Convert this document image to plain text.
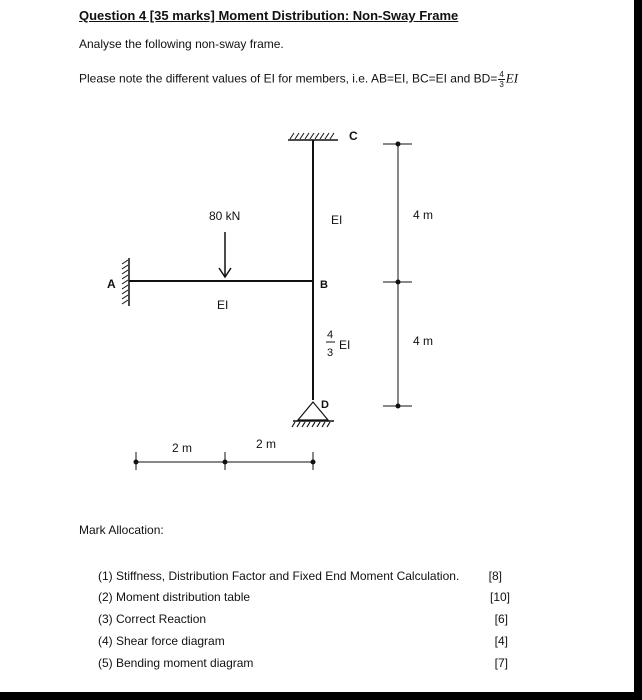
Question 4 [35 marks] Moment Distribution: Non-Sway Frame
Analyse the following non-sway frame.
Please note the different values of EI for members, i.e. AB=EI, BC=EI and $BD= \frac{4}{3}$ EI
C
A	B
D
80 kN	EI
EI
4
3
EI
4 m
4 m
2 m	2 m
Mark Allocation:
(1) Stiffness, Distribution Factor and Fixed End Moment Calculation. [8]
(2) Moment distribution table	[10]
(3) Correct Reaction	[6]
(4) Shear force diagram	[4]
(5) Bending moment diagram	[7]
